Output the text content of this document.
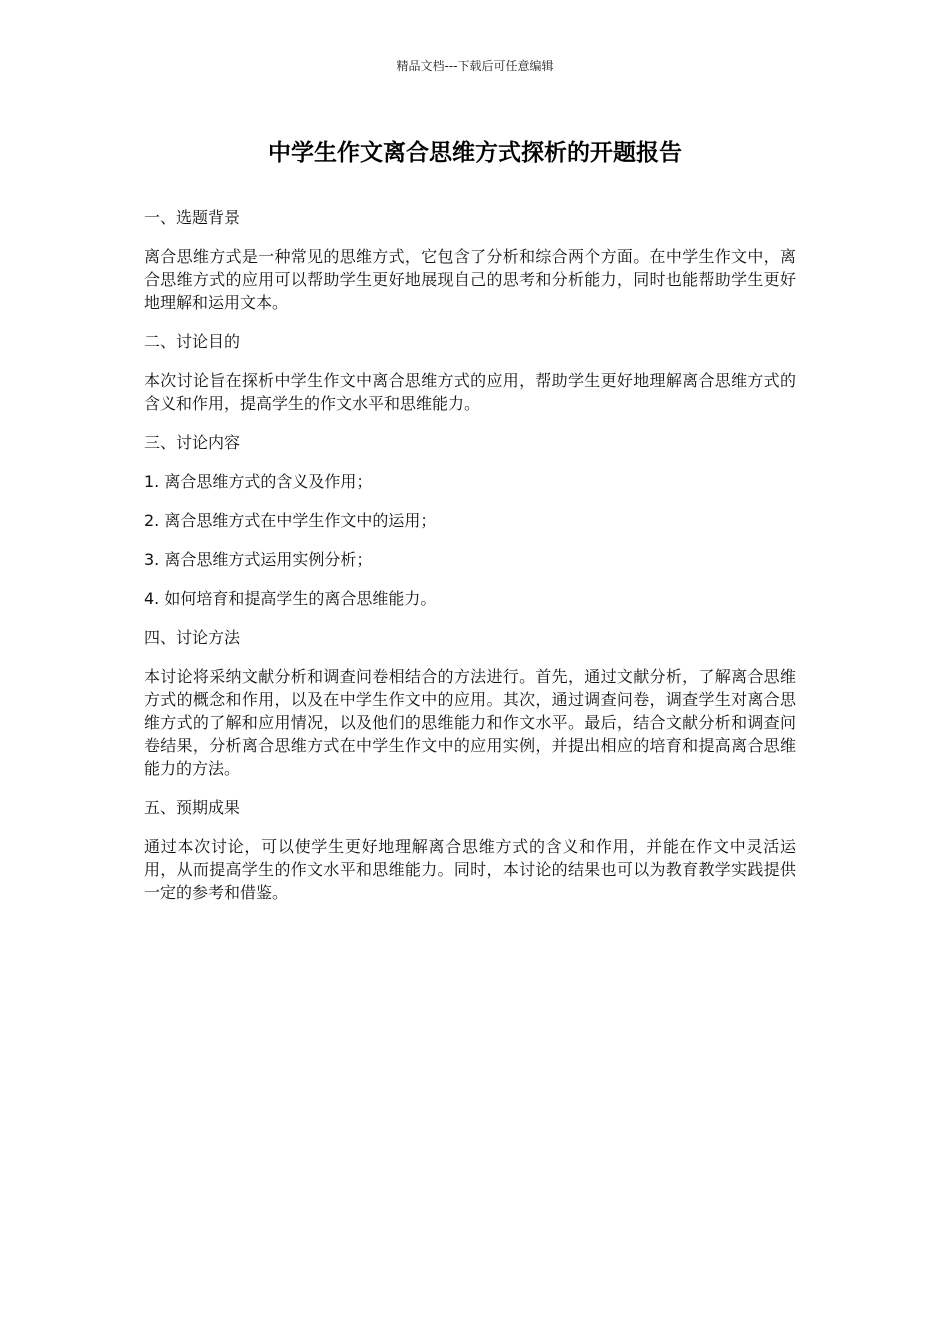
精品文档---下载后可任意编辑
中学生作文离合思维方式探析的开题报告
一、选题背景
离合思维方式是一种常见的思维方式，它包含了分析和综合两个方面。在中学生作文中，离合思维方式的应用可以帮助学生更好地展现自己的思考和分析能力，同时也能帮助学生更好地理解和运用文本。
二、讨论目的
本次讨论旨在探析中学生作文中离合思维方式的应用，帮助学生更好地理解离合思维方式的含义和作用，提高学生的作文水平和思维能力。
三、讨论内容
1. 离合思维方式的含义及作用；
2. 离合思维方式在中学生作文中的运用；
3. 离合思维方式运用实例分析；
4. 如何培育和提高学生的离合思维能力。
四、讨论方法
本讨论将采纳文献分析和调查问卷相结合的方法进行。首先，通过文献分析，了解离合思维方式的概念和作用，以及在中学生作文中的应用。其次，通过调查问卷，调查学生对离合思维方式的了解和应用情况，以及他们的思维能力和作文水平。最后，结合文献分析和调查问卷结果，分析离合思维方式在中学生作文中的应用实例，并提出相应的培育和提高离合思维能力的方法。
五、预期成果
通过本次讨论，可以使学生更好地理解离合思维方式的含义和作用，并能在作文中灵活运用，从而提高学生的作文水平和思维能力。同时，本讨论的结果也可以为教育教学实践提供一定的参考和借鉴。
